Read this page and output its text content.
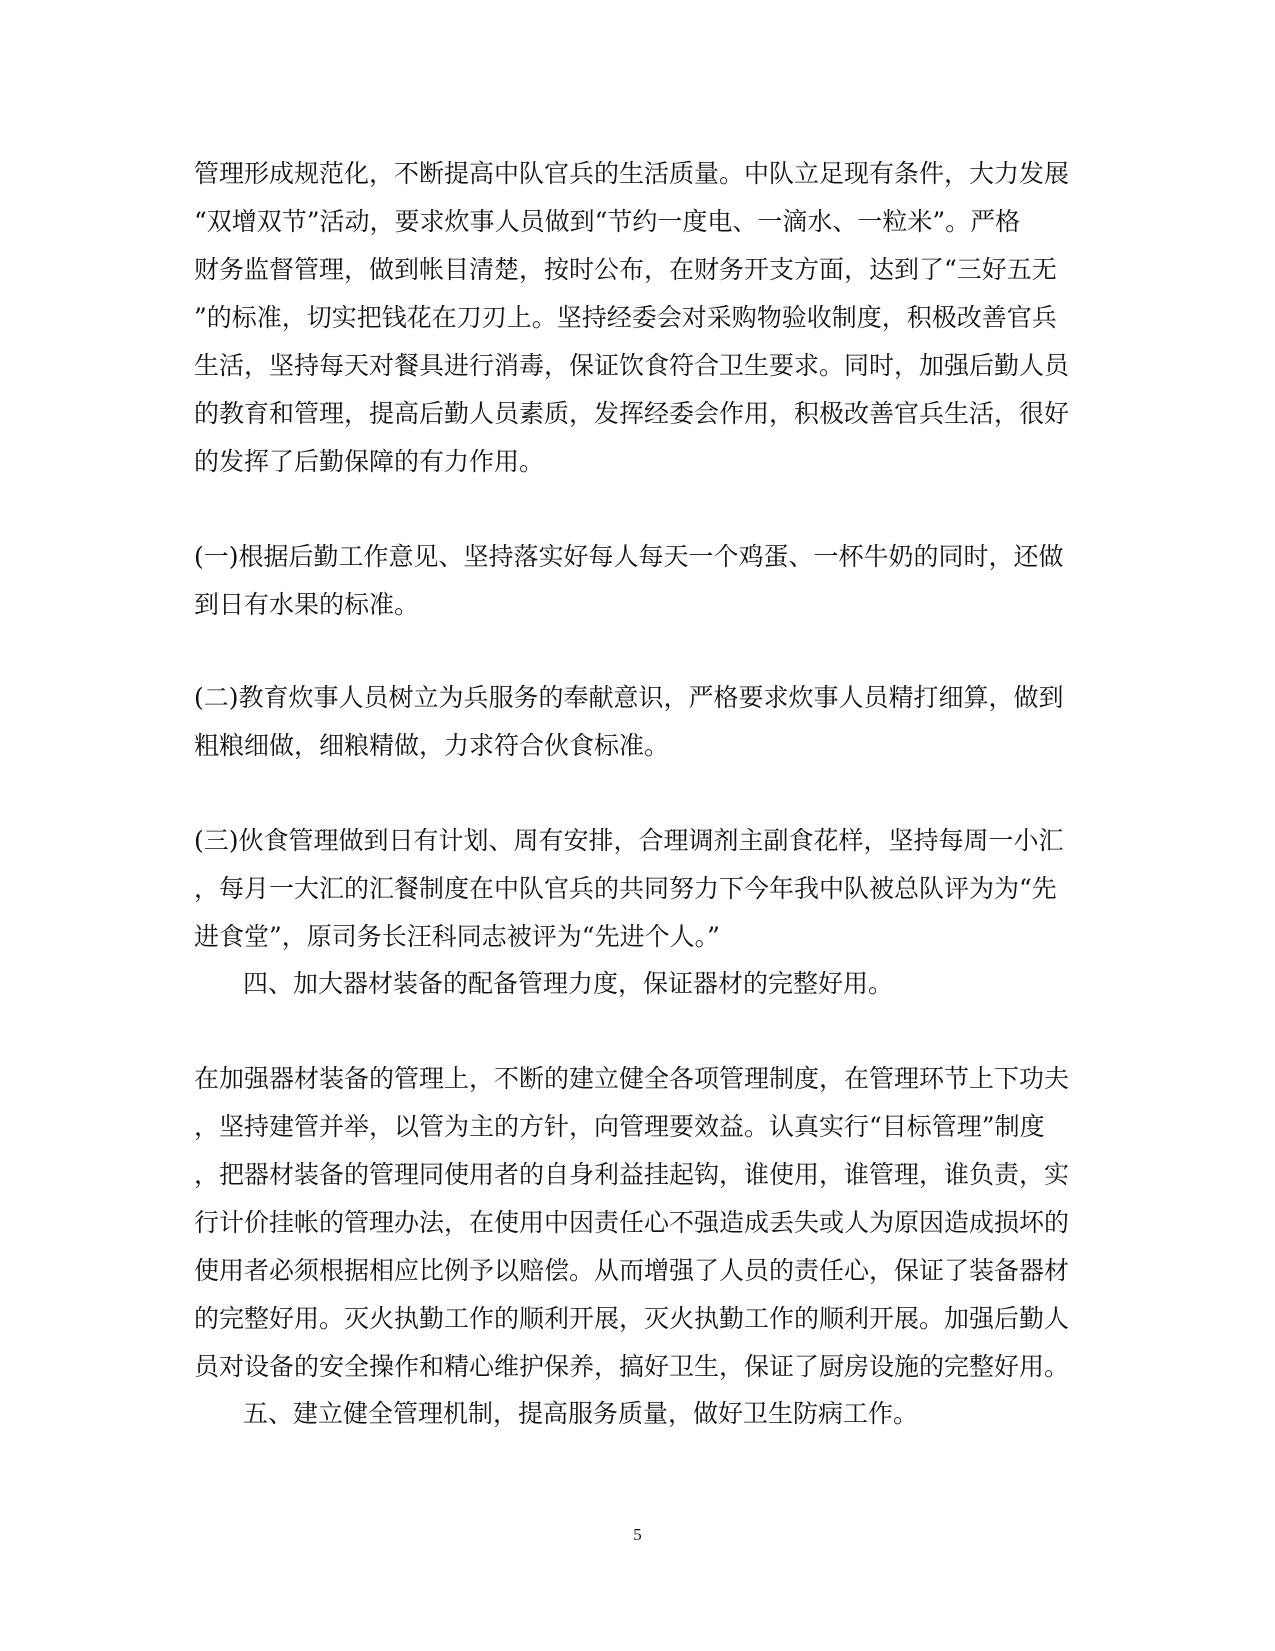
管理形成规范化，不断提高中队官兵的生活质量。中队立足现有条件，大力发展
“双增双节”活动，要求炊事人员做到“节约一度电、一滴水、一粒米”。严格
财务监督管理，做到帐目清楚，按时公布，在财务开支方面，达到了“三好五无
”的标准，切实把钱花在刀刃上。坚持经委会对采购物验收制度，积极改善官兵
生活，坚持每天对餐具进行消毒，保证饮食符合卫生要求。同时，加强后勤人员
的教育和管理，提高后勤人员素质，发挥经委会作用，积极改善官兵生活，很好
的发挥了后勤保障的有力作用。
(一)根据后勤工作意见、坚持落实好每人每天一个鸡蛋、一杯牛奶的同时，还做
到日有水果的标准。
(二)教育炊事人员树立为兵服务的奉献意识，严格要求炊事人员精打细算，做到
粗粮细做，细粮精做，力求符合伙食标准。
(三)伙食管理做到日有计划、周有安排，合理调剂主副食花样，坚持每周一小汇
，每月一大汇的汇餐制度在中队官兵的共同努力下今年我中队被总队评为为“先
进食堂”，原司务长汪科同志被评为“先进个人。”
四、加大器材装备的配备管理力度，保证器材的完整好用。
在加强器材装备的管理上，不断的建立健全各项管理制度，在管理环节上下功夫
，坚持建管并举，以管为主的方针，向管理要效益。认真实行“目标管理”制度
，把器材装备的管理同使用者的自身利益挂起钩，谁使用，谁管理，谁负责，实
行计价挂帐的管理办法，在使用中因责任心不强造成丢失或人为原因造成损坏的
使用者必须根据相应比例予以赔偿。从而增强了人员的责任心，保证了装备器材
的完整好用。灭火执勤工作的顺利开展，灭火执勤工作的顺利开展。加强后勤人
员对设备的安全操作和精心维护保养，搞好卫生，保证了厨房设施的完整好用。
五、建立健全管理机制，提高服务质量，做好卫生防病工作。
5
